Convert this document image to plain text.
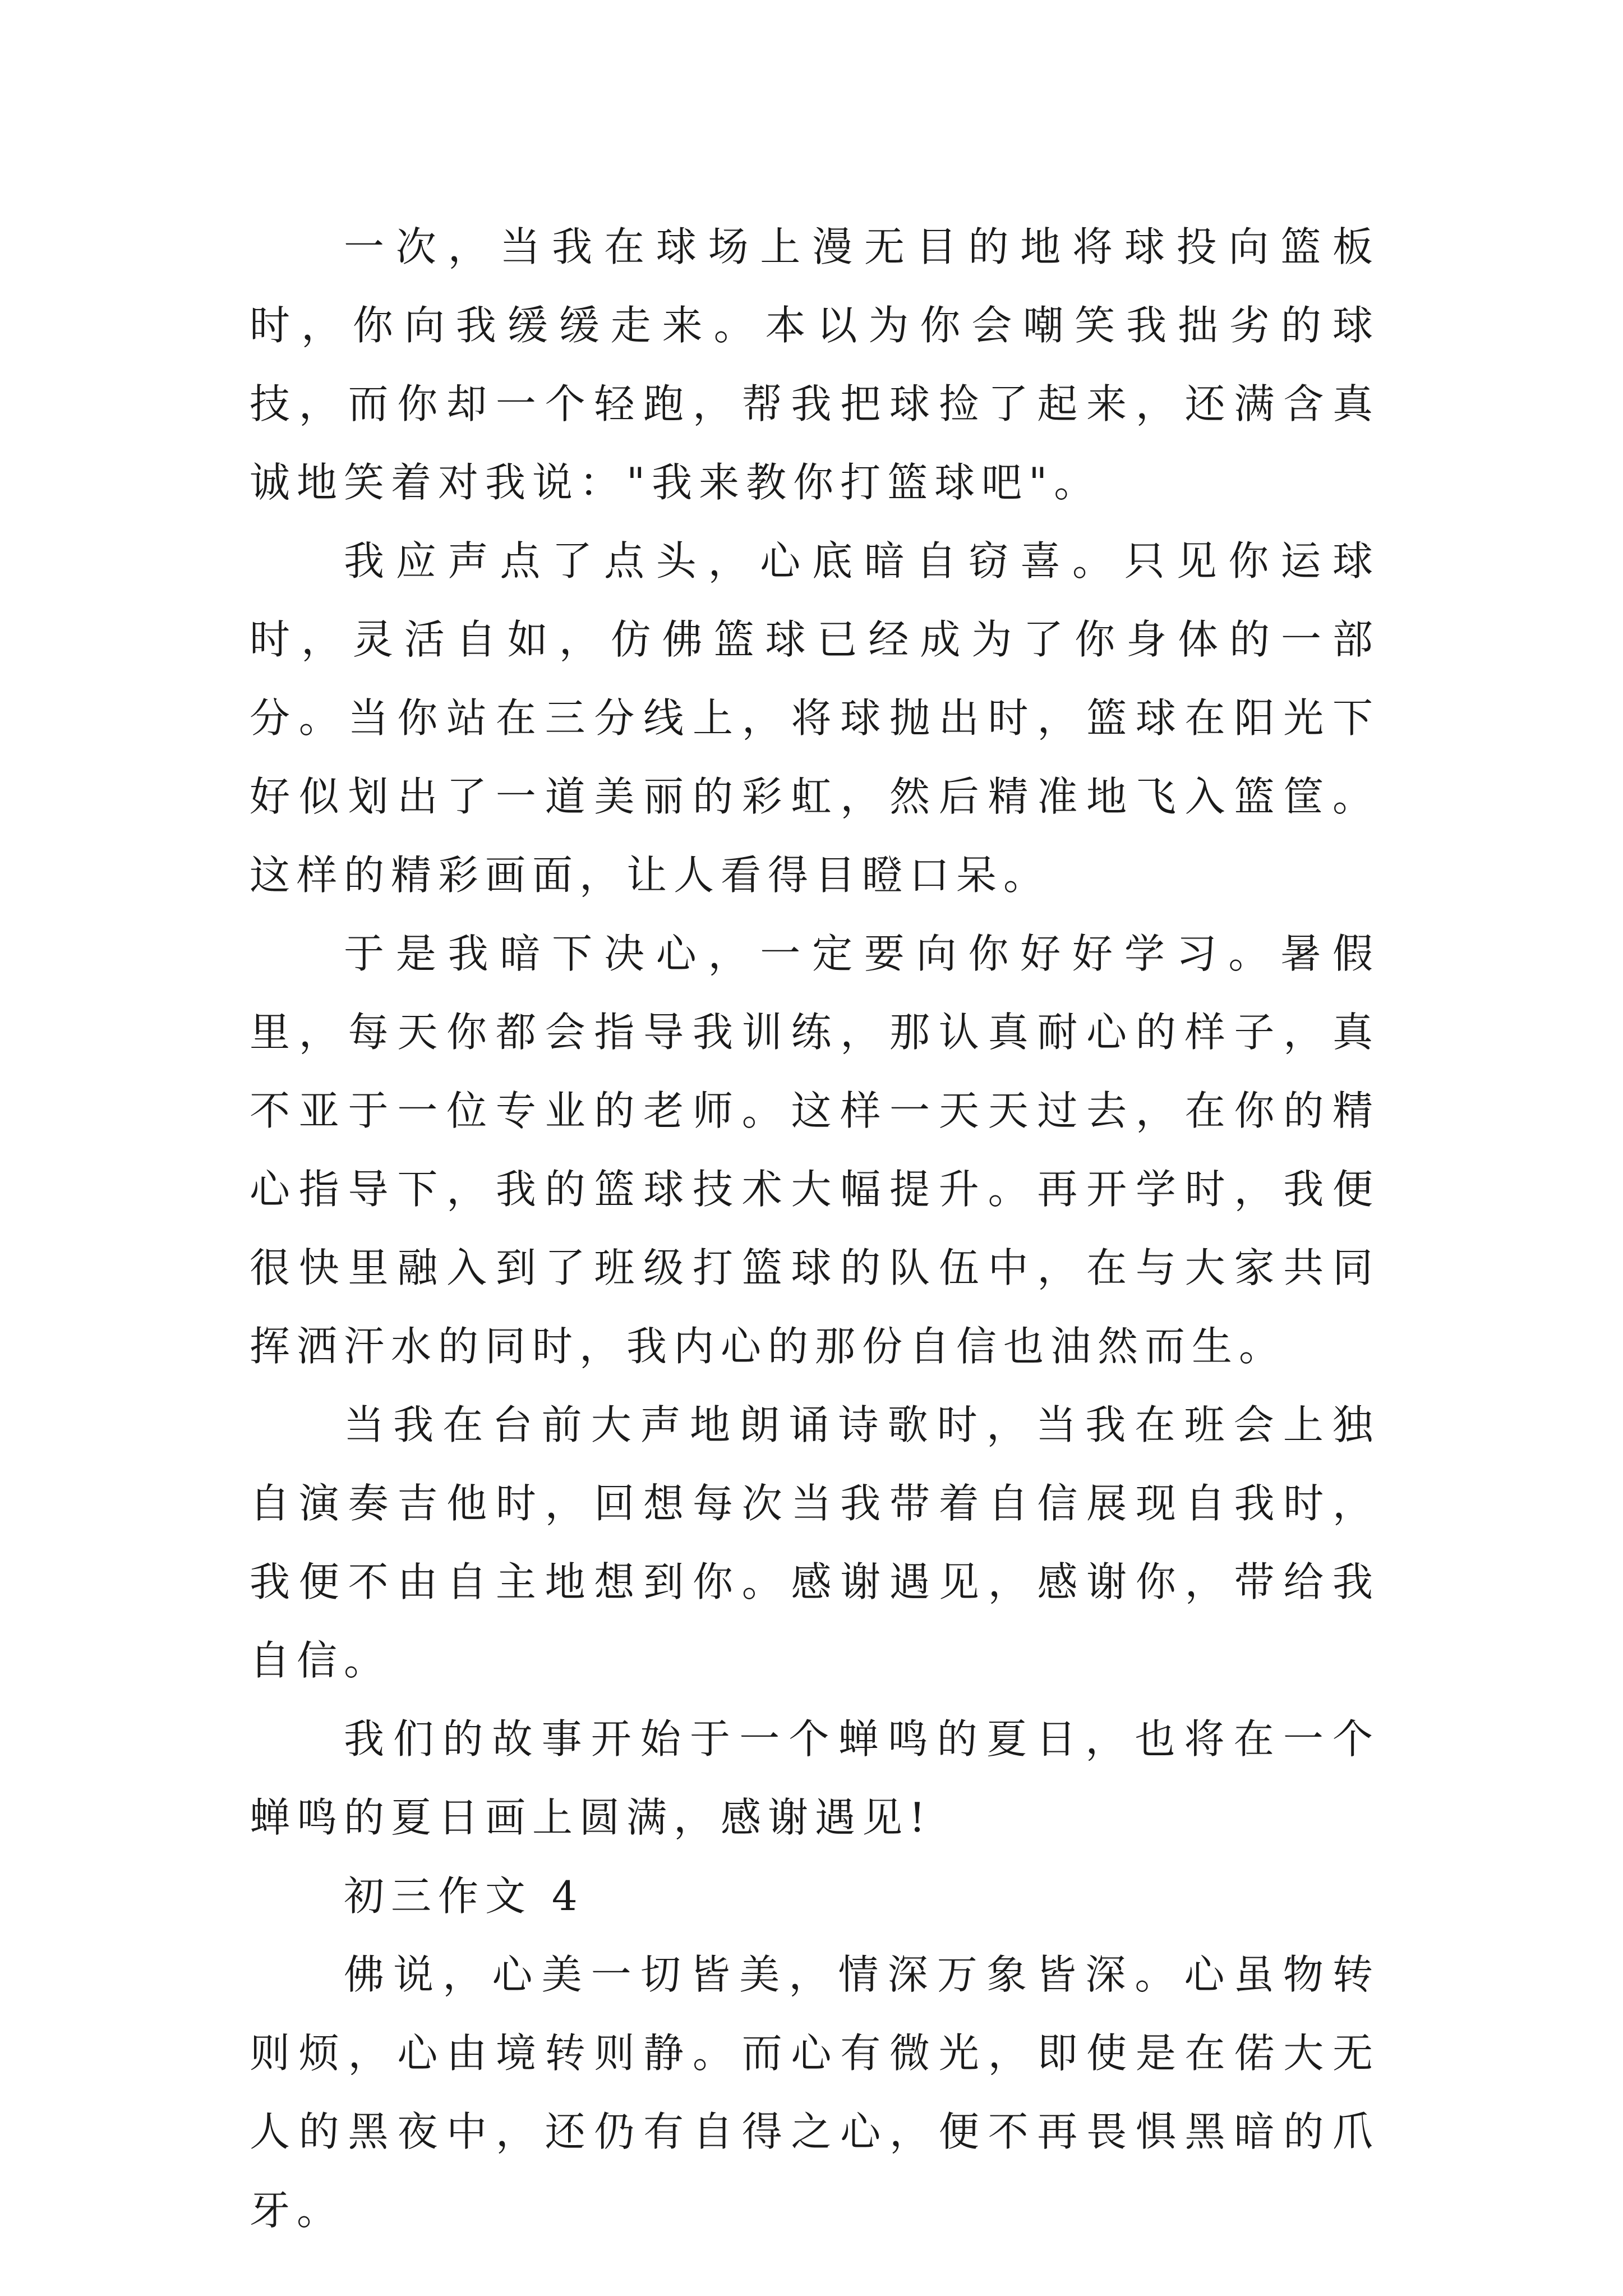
一次，当我在球场上漫无目的地将球投向篮板时，你向我缓缓走来。本以为你会嘲笑我拙劣的球技，而你却一个轻跑，帮我把球捡了起来，还满含真诚地笑着对我说："我来教你打篮球吧"。

我应声点了点头，心底暗自窃喜。只见你运球时，灵活自如，仿佛篮球已经成为了你身体的一部分。当你站在三分线上，将球抛出时，篮球在阳光下好似划出了一道美丽的彩虹，然后精准地飞入篮筐。这样的精彩画面，让人看得目瞪口呆。

于是我暗下决心，一定要向你好好学习。暑假里，每天你都会指导我训练，那认真耐心的样子，真不亚于一位专业的老师。这样一天天过去，在你的精心指导下，我的篮球技术大幅提升。再开学时，我便很快里融入到了班级打篮球的队伍中，在与大家共同挥洒汗水的同时，我内心的那份自信也油然而生。

当我在台前大声地朗诵诗歌时，当我在班会上独自演奏吉他时，回想每次当我带着自信展现自我时，我便不由自主地想到你。感谢遇见，感谢你，带给我自信。

我们的故事开始于一个蝉鸣的夏日，也将在一个蝉鸣的夏日画上圆满，感谢遇见!

初三作文 4

佛说，心美一切皆美，情深万象皆深。心虽物转则烦，心由境转则静。而心有微光，即使是在偌大无人的黑夜中，还仍有自得之心，便不再畏惧黑暗的爪牙。
